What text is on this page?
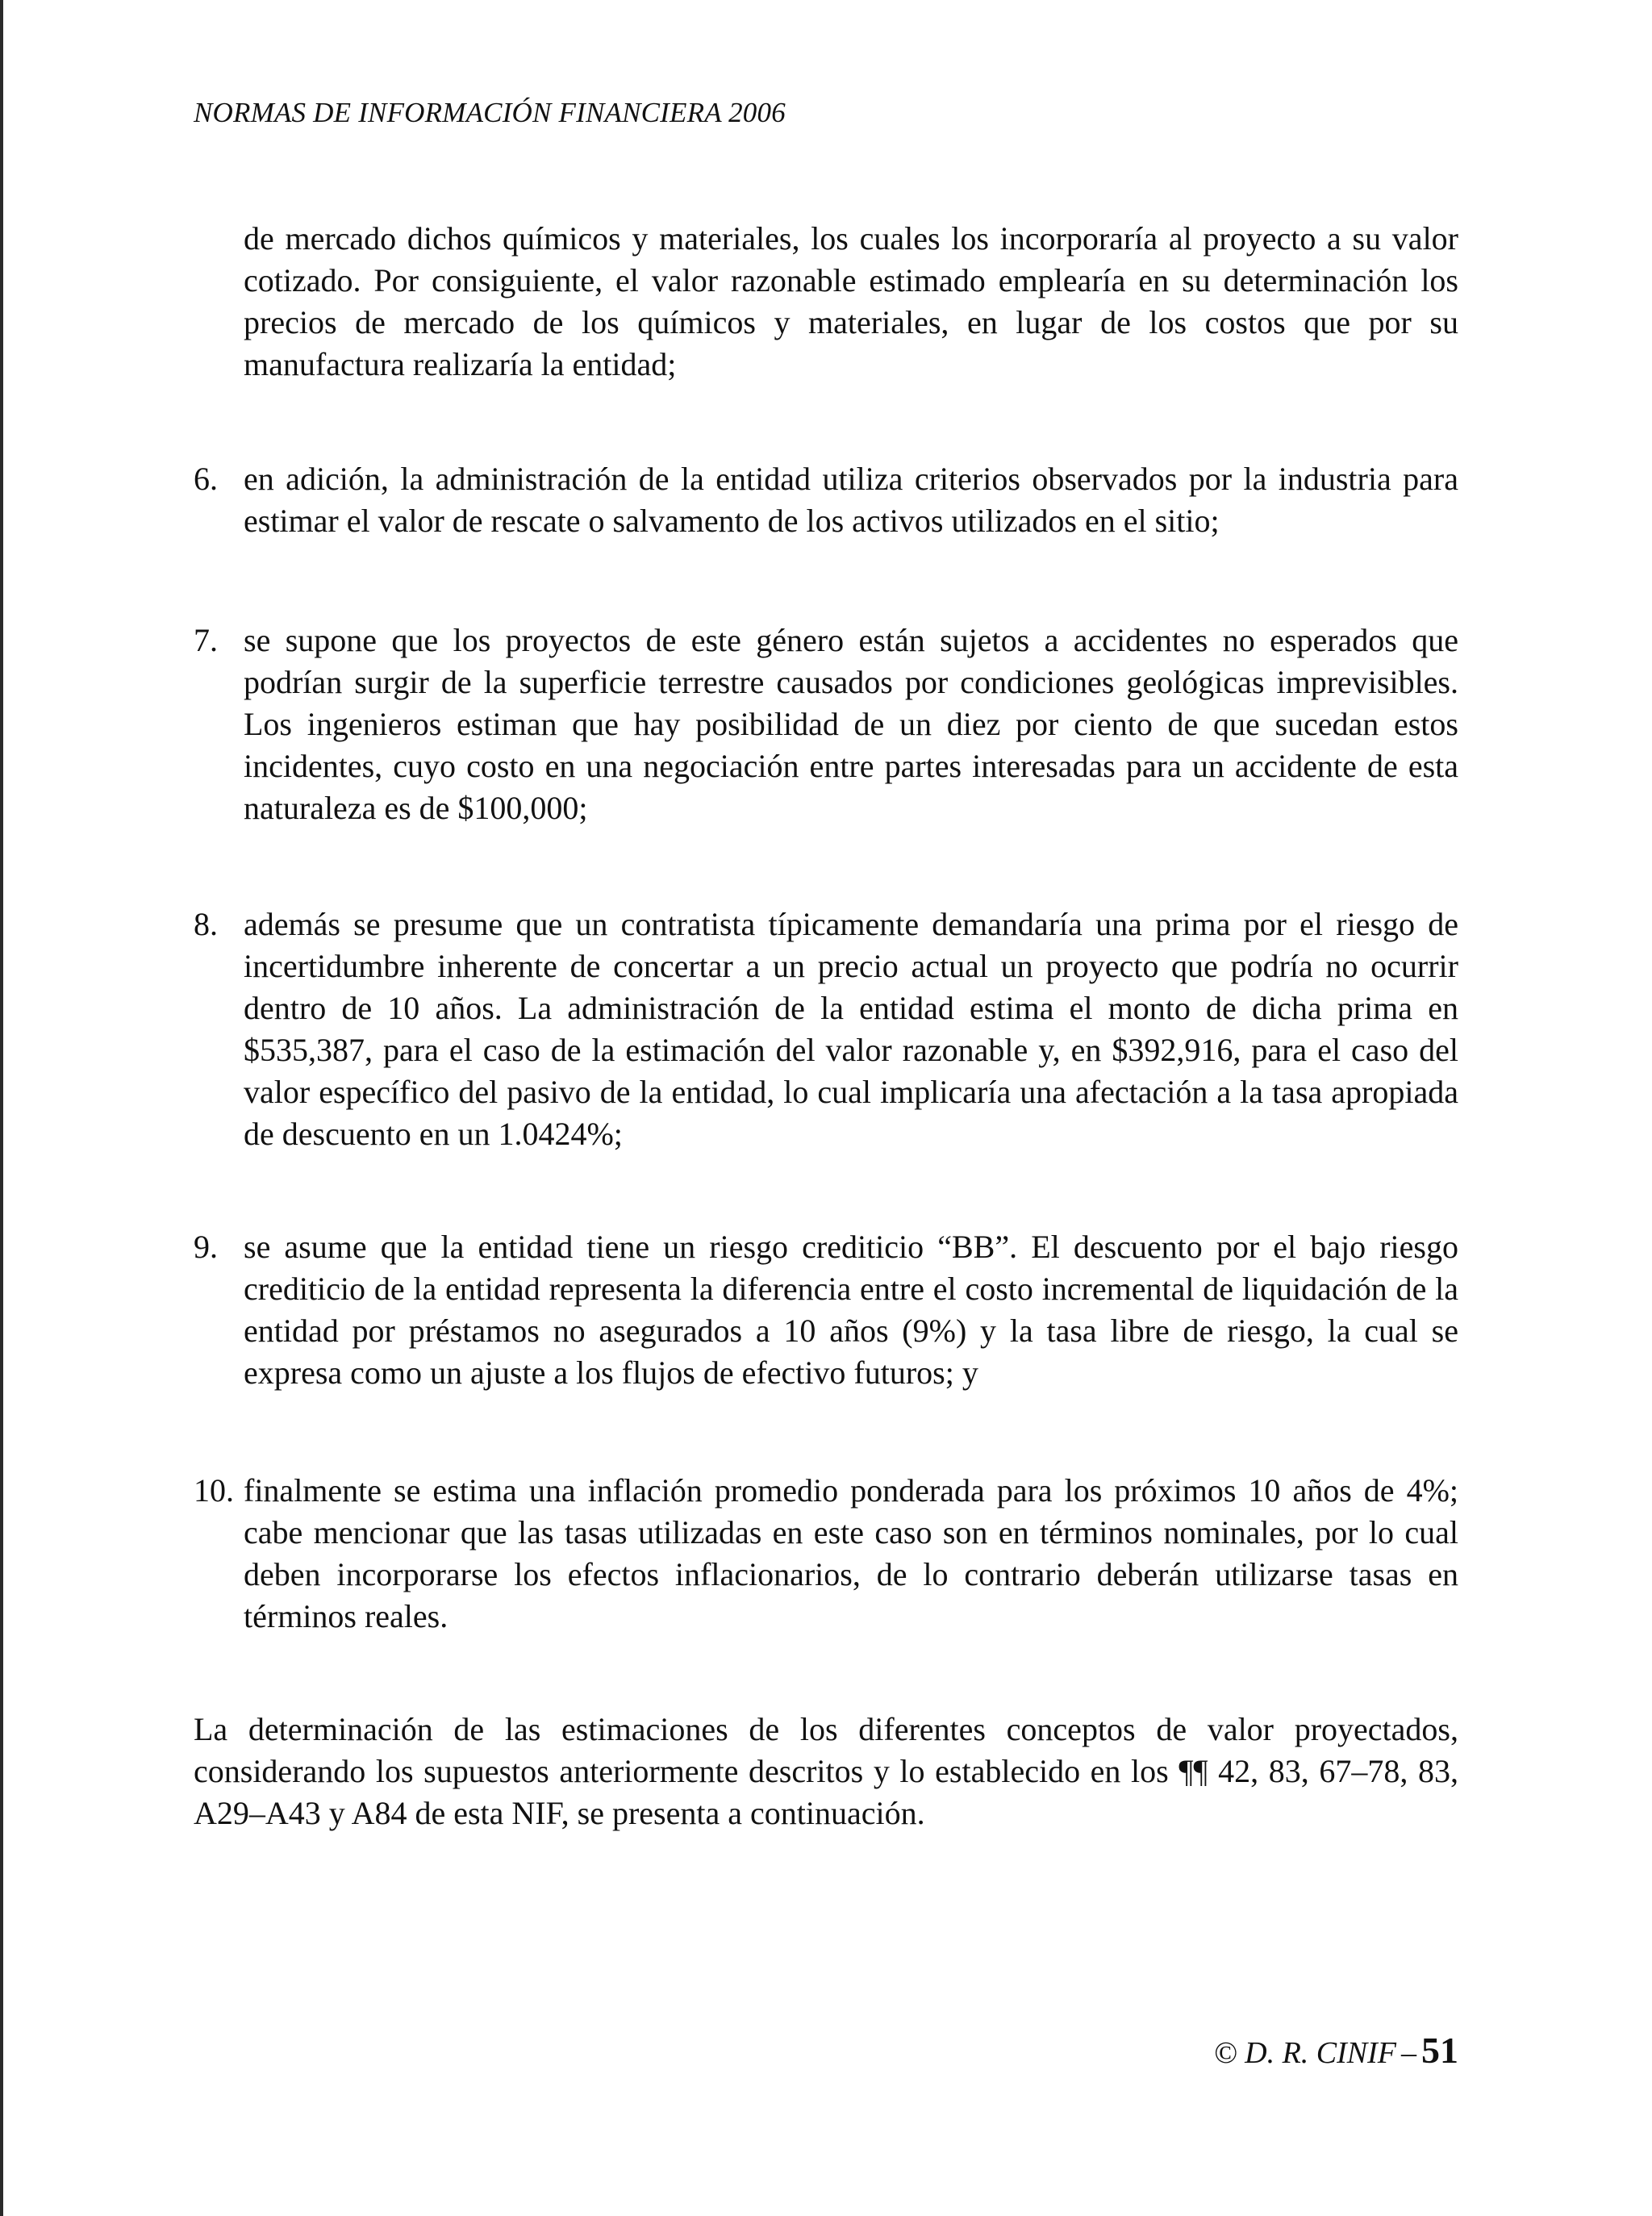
NORMAS DE INFORMACIÓN FINANCIERA 2006
de mercado dichos químicos y materiales, los cuales los incorporaría al proyecto a su valor cotizado. Por consiguiente, el valor razonable estimado emplearía en su determinación los precios de mercado de los químicos y materiales, en lugar de los costos que por su manufactura realizaría la entidad;
6. en adición, la administración de la entidad utiliza criterios observados por la industria para estimar el valor de rescate o salvamento de los activos utilizados en el sitio;
7. se supone que los proyectos de este género están sujetos a accidentes no esperados que podrían surgir de la superficie terrestre causados por condiciones geológicas imprevisibles. Los ingenieros estiman que hay posibilidad de un diez por ciento de que sucedan estos incidentes, cuyo costo en una negociación entre partes interesadas para un accidente de esta naturaleza es de $100,000;
8. además se presume que un contratista típicamente demandaría una prima por el riesgo de incertidumbre inherente de concertar a un precio actual un proyecto que podría no ocurrir dentro de 10 años. La administración de la entidad estima el monto de dicha prima en $535,387, para el caso de la estimación del valor razonable y, en $392,916, para el caso del valor específico del pasivo de la entidad, lo cual implicaría una afectación a la tasa apropiada de descuento en un 1.0424%;
9. se asume que la entidad tiene un riesgo crediticio “BB”. El descuento por el bajo riesgo crediticio de la entidad representa la diferencia entre el costo incremental de liquidación de la entidad por préstamos no asegurados a 10 años (9%) y la tasa libre de riesgo, la cual se expresa como un ajuste a los flujos de efectivo futuros; y
10. finalmente se estima una inflación promedio ponderada para los próximos 10 años de 4%; cabe mencionar que las tasas utilizadas en este caso son en términos nominales, por lo cual deben incorporarse los efectos inflacionarios, de lo contrario deberán utilizarse tasas en términos reales.
La determinación de las estimaciones de los diferentes conceptos de valor proyectados, considerando los supuestos anteriormente descritos y lo establecido en los ¶¶ 42, 83, 67–78, 83, A29–A43 y A84 de esta NIF, se presenta a continuación.
© D. R. CINIF – 51
